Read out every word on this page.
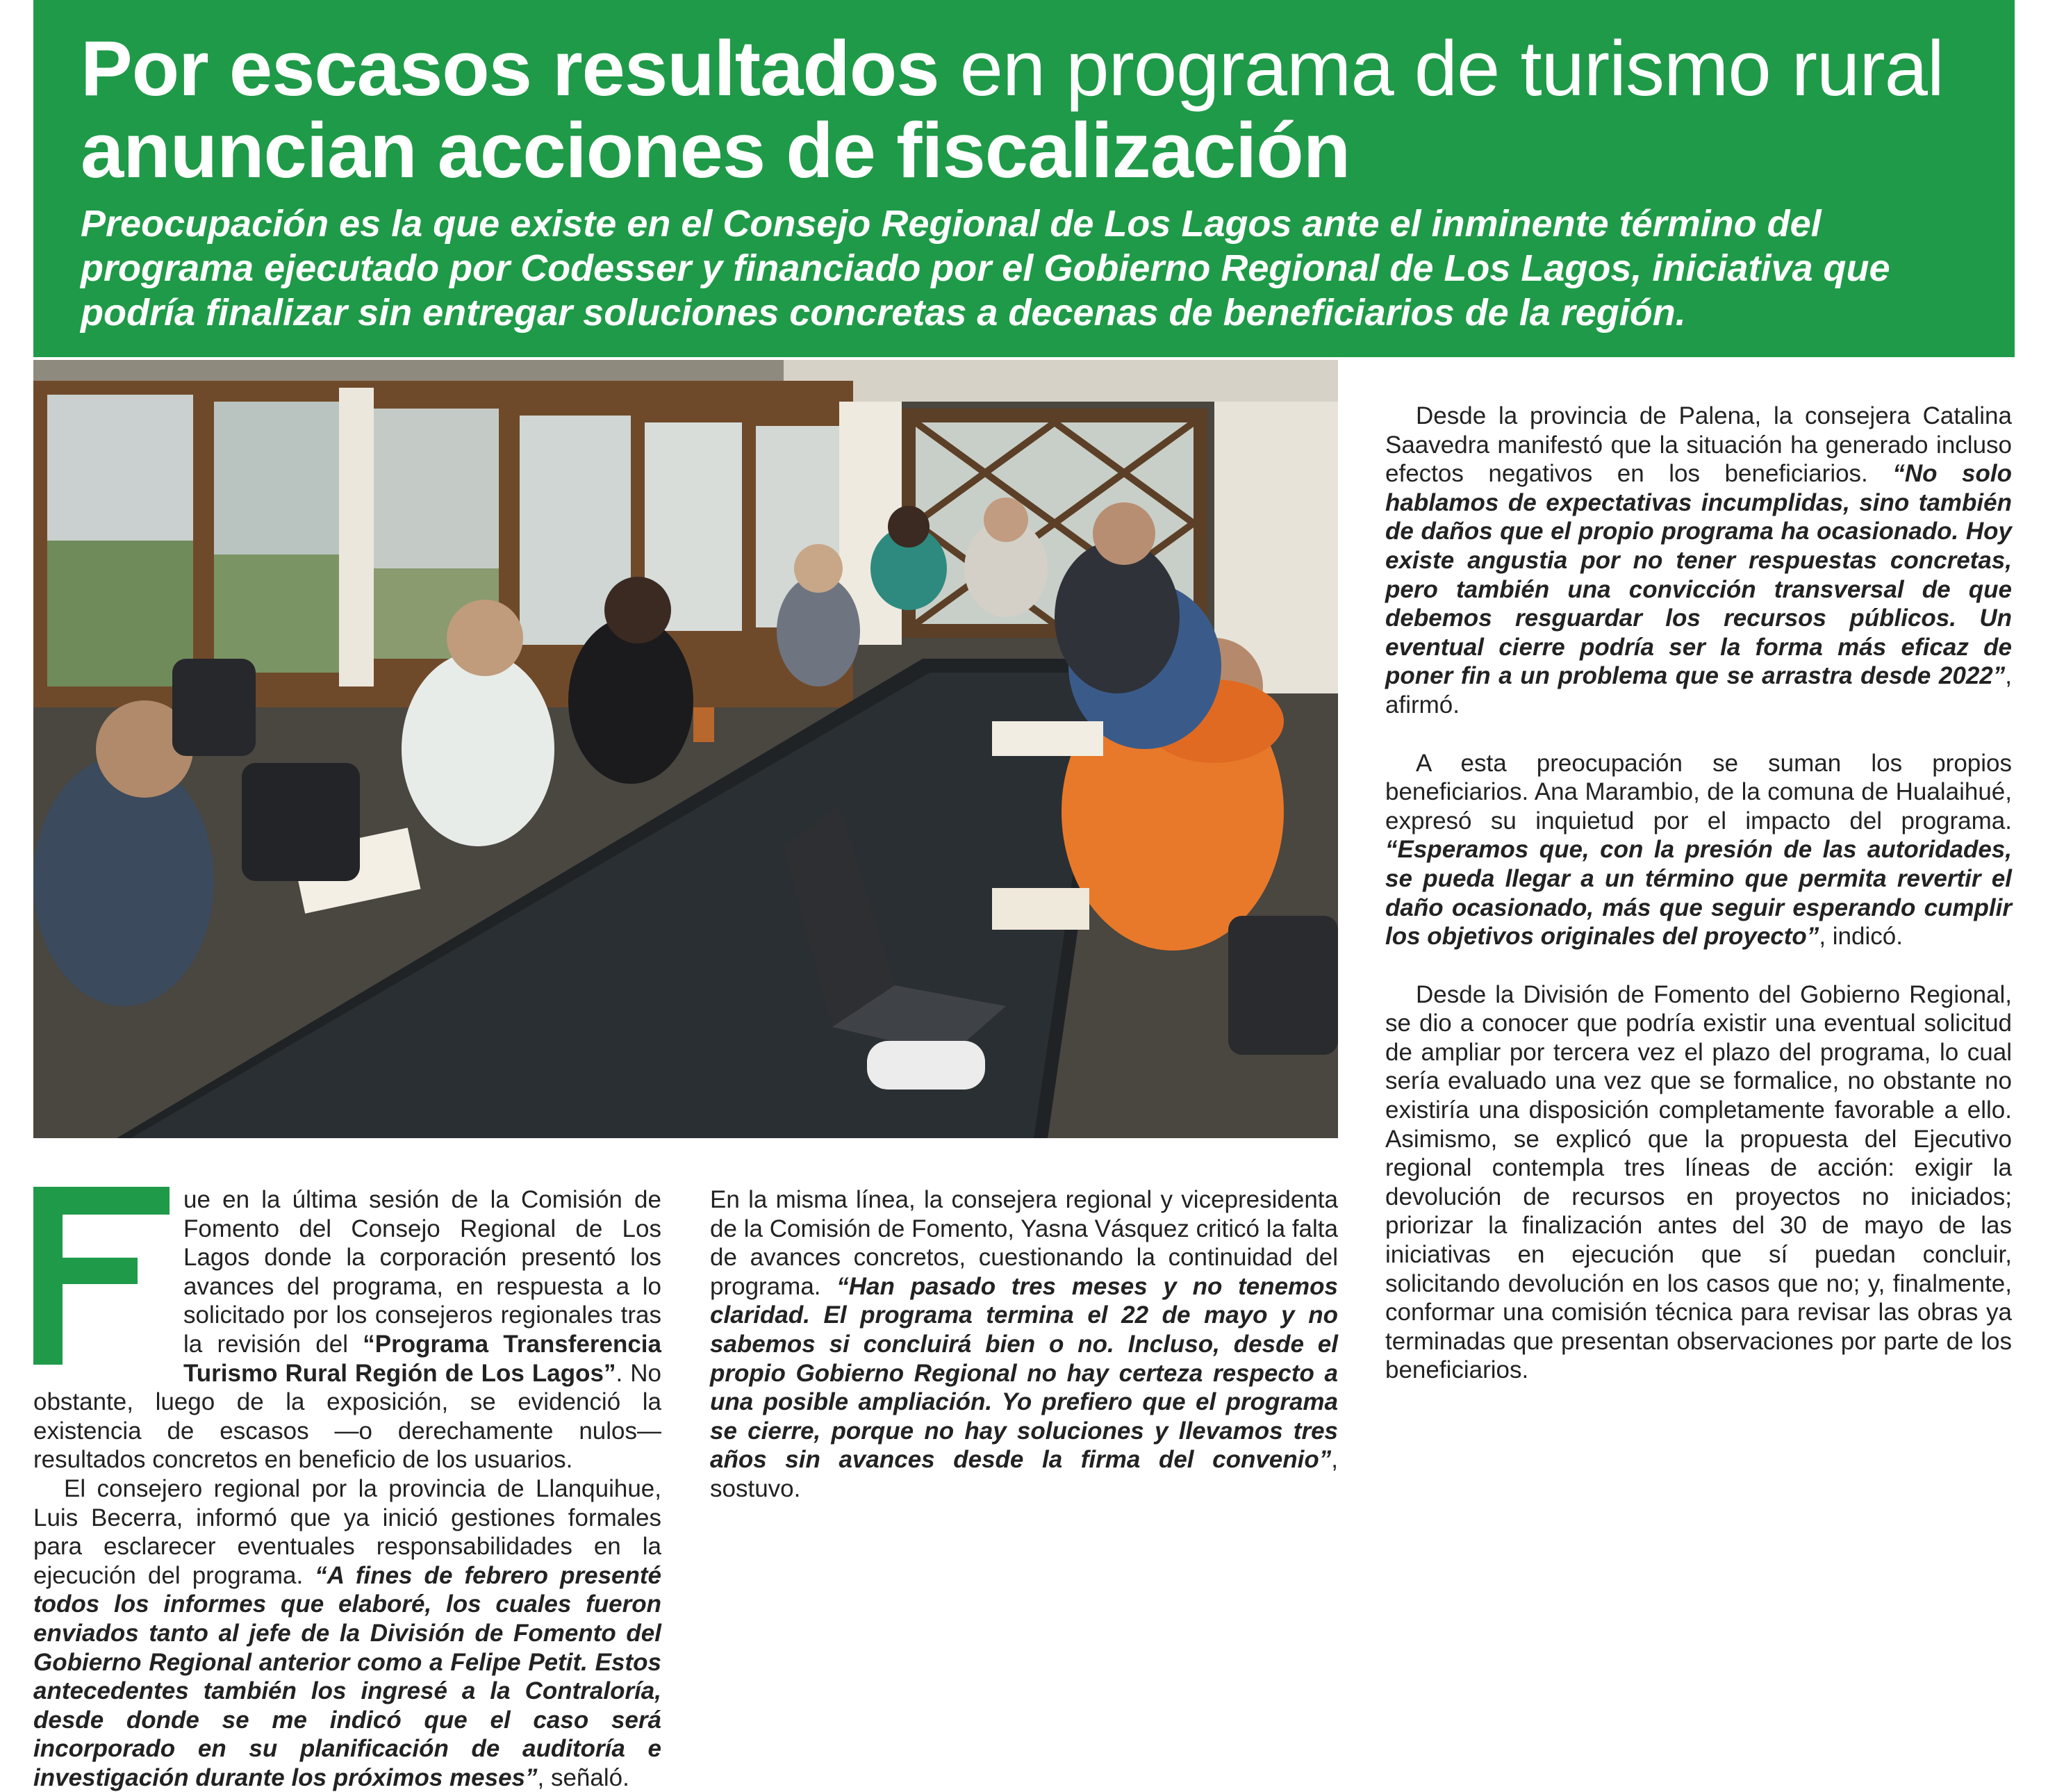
Por escasos resultados en programa de turismo rural anuncian acciones de fiscalización

Preocupación es la que existe en el Consejo Regional de Los Lagos ante el inminente término del programa ejecutado por Codesser y financiado por el Gobierno Regional de Los Lagos, iniciativa que podría finalizar sin entregar soluciones concretas a decenas de beneficiarios de la región.

ue en la última sesión de la Comisión de Fomento del Consejo Regional de Los Lagos donde la corporación presentó los avances del programa, en respuesta a lo solicitado por los consejeros regionales tras la revisión del “Programa Transferencia Turismo Rural Región de Los Lagos”. No obstante, luego de la exposición, se evidenció la existencia de escasos —o derechamente nulos— resultados concretos en beneficio de los usuarios.

El consejero regional por la provincia de Llanquihue, Luis Becerra, informó que ya inició gestiones formales para esclarecer eventuales responsabilidades en la ejecución del programa. “A fines de febrero presenté todos los informes que elaboré, los cuales fueron enviados tanto al jefe de la División de Fomento del Gobierno Regional anterior como a Felipe Petit. Estos antecedentes también los ingresé a la Contraloría, desde donde se me indicó que el caso será incorporado en su planificación de auditoría e investigación durante los próximos meses”, señaló.

En la misma línea, la consejera regional y vicepresidenta de la Comisión de Fomento, Yasna Vásquez criticó la falta de avances concretos, cuestionando la continuidad del programa. “Han pasado tres meses y no tenemos claridad. El programa termina el 22 de mayo y no sabemos si concluirá bien o no. Incluso, desde el propio Gobierno Regional no hay certeza respecto a una posible ampliación. Yo prefiero que el programa se cierre, porque no hay soluciones y llevamos tres años sin avances desde la firma del convenio”, sostuvo.

Desde la provincia de Palena, la consejera Catalina Saavedra manifestó que la situación ha generado incluso efectos negativos en los beneficiarios. “No solo hablamos de expectativas incumplidas, sino también de daños que el propio programa ha ocasionado. Hoy existe angustia por no tener respuestas concretas, pero también una convicción transversal de que debemos resguardar los recursos públicos. Un eventual cierre podría ser la forma más eficaz de poner fin a un problema que se arrastra desde 2022”, afirmó.

A esta preocupación se suman los propios beneficiarios. Ana Marambio, de la comuna de Hualaihué, expresó su inquietud por el impacto del programa. “Esperamos que, con la presión de las autoridades, se pueda llegar a un término que permita revertir el daño ocasionado, más que seguir esperando cumplir los objetivos originales del proyecto”, indicó.

Desde la División de Fomento del Gobierno Regional, se dio a conocer que podría existir una eventual solicitud de ampliar por tercera vez el plazo del programa, lo cual sería evaluado una vez que se formalice, no obstante no existiría una disposición completamente favorable a ello. Asimismo, se explicó que la propuesta del Ejecutivo regional contempla tres líneas de acción: exigir la devolución de recursos en proyectos no iniciados; priorizar la finalización antes del 30 de mayo de las iniciativas en ejecución que sí puedan concluir, solicitando devolución en los casos que no; y, finalmente, conformar una comisión técnica para revisar las obras ya terminadas que presentan observaciones por parte de los beneficiarios.
